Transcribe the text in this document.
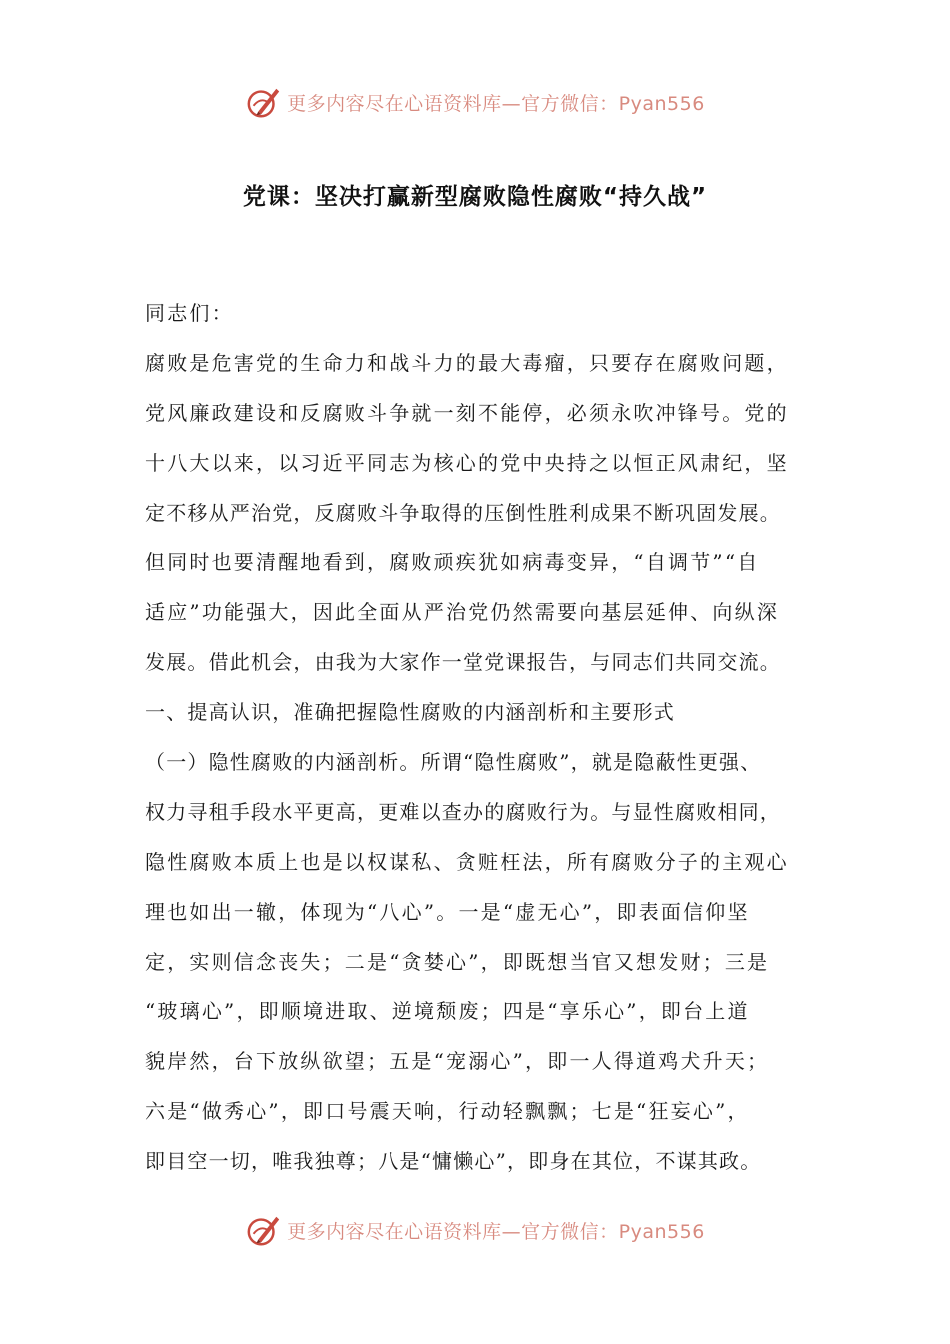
更多内容尽在心语资料库—官方微信：Pyan556
党课：坚决打赢新型腐败隐性腐败“持久战”
同志们：
腐败是危害党的生命力和战斗力的最大毒瘤，只要存在腐败问题，
党风廉政建设和反腐败斗争就一刻不能停，必须永吹冲锋号。党的
十八大以来，以习近平同志为核心的党中央持之以恒正风肃纪，坚
定不移从严治党，反腐败斗争取得的压倒性胜利成果不断巩固发展。
但同时也要清醒地看到，腐败顽疾犹如病毒变异，“自调节”“自
适应”功能强大，因此全面从严治党仍然需要向基层延伸、向纵深
发展。借此机会，由我为大家作一堂党课报告，与同志们共同交流。
一、提高认识，准确把握隐性腐败的内涵剖析和主要形式
（一）隐性腐败的内涵剖析。所谓“隐性腐败”，就是隐蔽性更强、
权力寻租手段水平更高，更难以查办的腐败行为。与显性腐败相同，
隐性腐败本质上也是以权谋私、贪赃枉法，所有腐败分子的主观心
理也如出一辙，体现为“八心”。一是“虚无心”，即表面信仰坚
定，实则信念丧失；二是“贪婪心”，即既想当官又想发财；三是
“玻璃心”，即顺境进取、逆境颓废；四是“享乐心”，即台上道
貌岸然，台下放纵欲望；五是“宠溺心”，即一人得道鸡犬升天；
六是“做秀心”，即口号震天响，行动轻飘飘；七是“狂妄心”，
即目空一切，唯我独尊；八是“慵懒心”，即身在其位，不谋其政。
更多内容尽在心语资料库—官方微信：Pyan556
